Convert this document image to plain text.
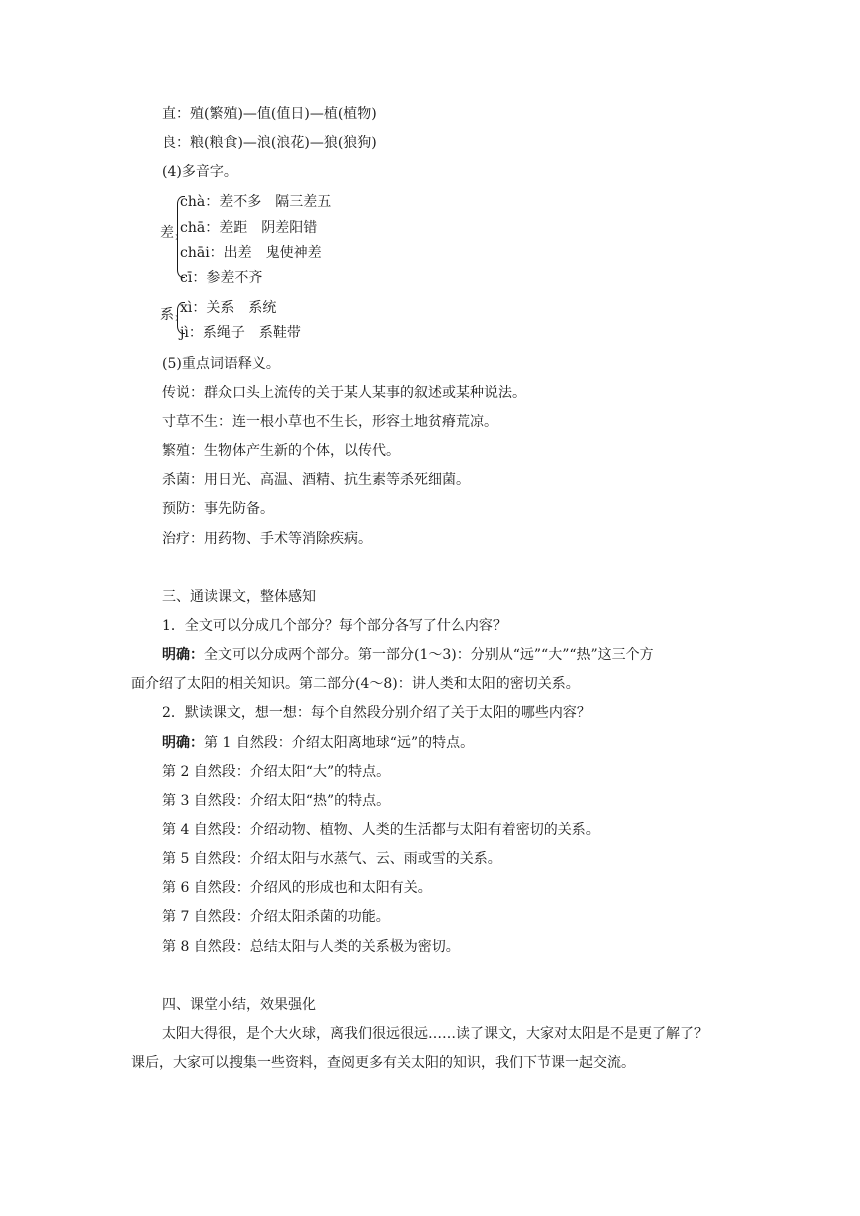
直：殖(繁殖)—值(值日)—植(植物)
良：粮(粮食)—浪(浪花)—狼(狼狗)
(4)多音字。
差
chà：差不多　隔三差五
chā：差距　阴差阳错
chāi：出差　鬼使神差
cī：参差不齐
系 xì：关系　系统
jì：系绳子　系鞋带
(5)重点词语释义。
传说：群众口头上流传的关于某人某事的叙述或某种说法。
寸草不生：连一根小草也不生长，形容土地贫瘠荒凉。
繁殖：生物体产生新的个体，以传代。
杀菌：用日光、高温、酒精、抗生素等杀死细菌。
预防：事先防备。
治疗：用药物、手术等消除疾病。
三、通读课文，整体感知
1．全文可以分成几个部分？每个部分各写了什么内容？
明确：全文可以分成两个部分。第一部分(1～3)：分别从“远”“大”“热”这三个方
面介绍了太阳的相关知识。第二部分(4～8)：讲人类和太阳的密切关系。
2．默读课文，想一想：每个自然段分别介绍了关于太阳的哪些内容？
明确：第 1 自然段：介绍太阳离地球“远”的特点。
第 2 自然段：介绍太阳“大”的特点。
第 3 自然段：介绍太阳“热”的特点。
第 4 自然段：介绍动物、植物、人类的生活都与太阳有着密切的关系。
第 5 自然段：介绍太阳与水蒸气、云、雨或雪的关系。
第 6 自然段：介绍风的形成也和太阳有关。
第 7 自然段：介绍太阳杀菌的功能。
第 8 自然段：总结太阳与人类的关系极为密切。
四、课堂小结，效果强化
太阳大得很，是个大火球，离我们很远很远……读了课文，大家对太阳是不是更了解了？
课后，大家可以搜集一些资料，查阅更多有关太阳的知识，我们下节课一起交流。
